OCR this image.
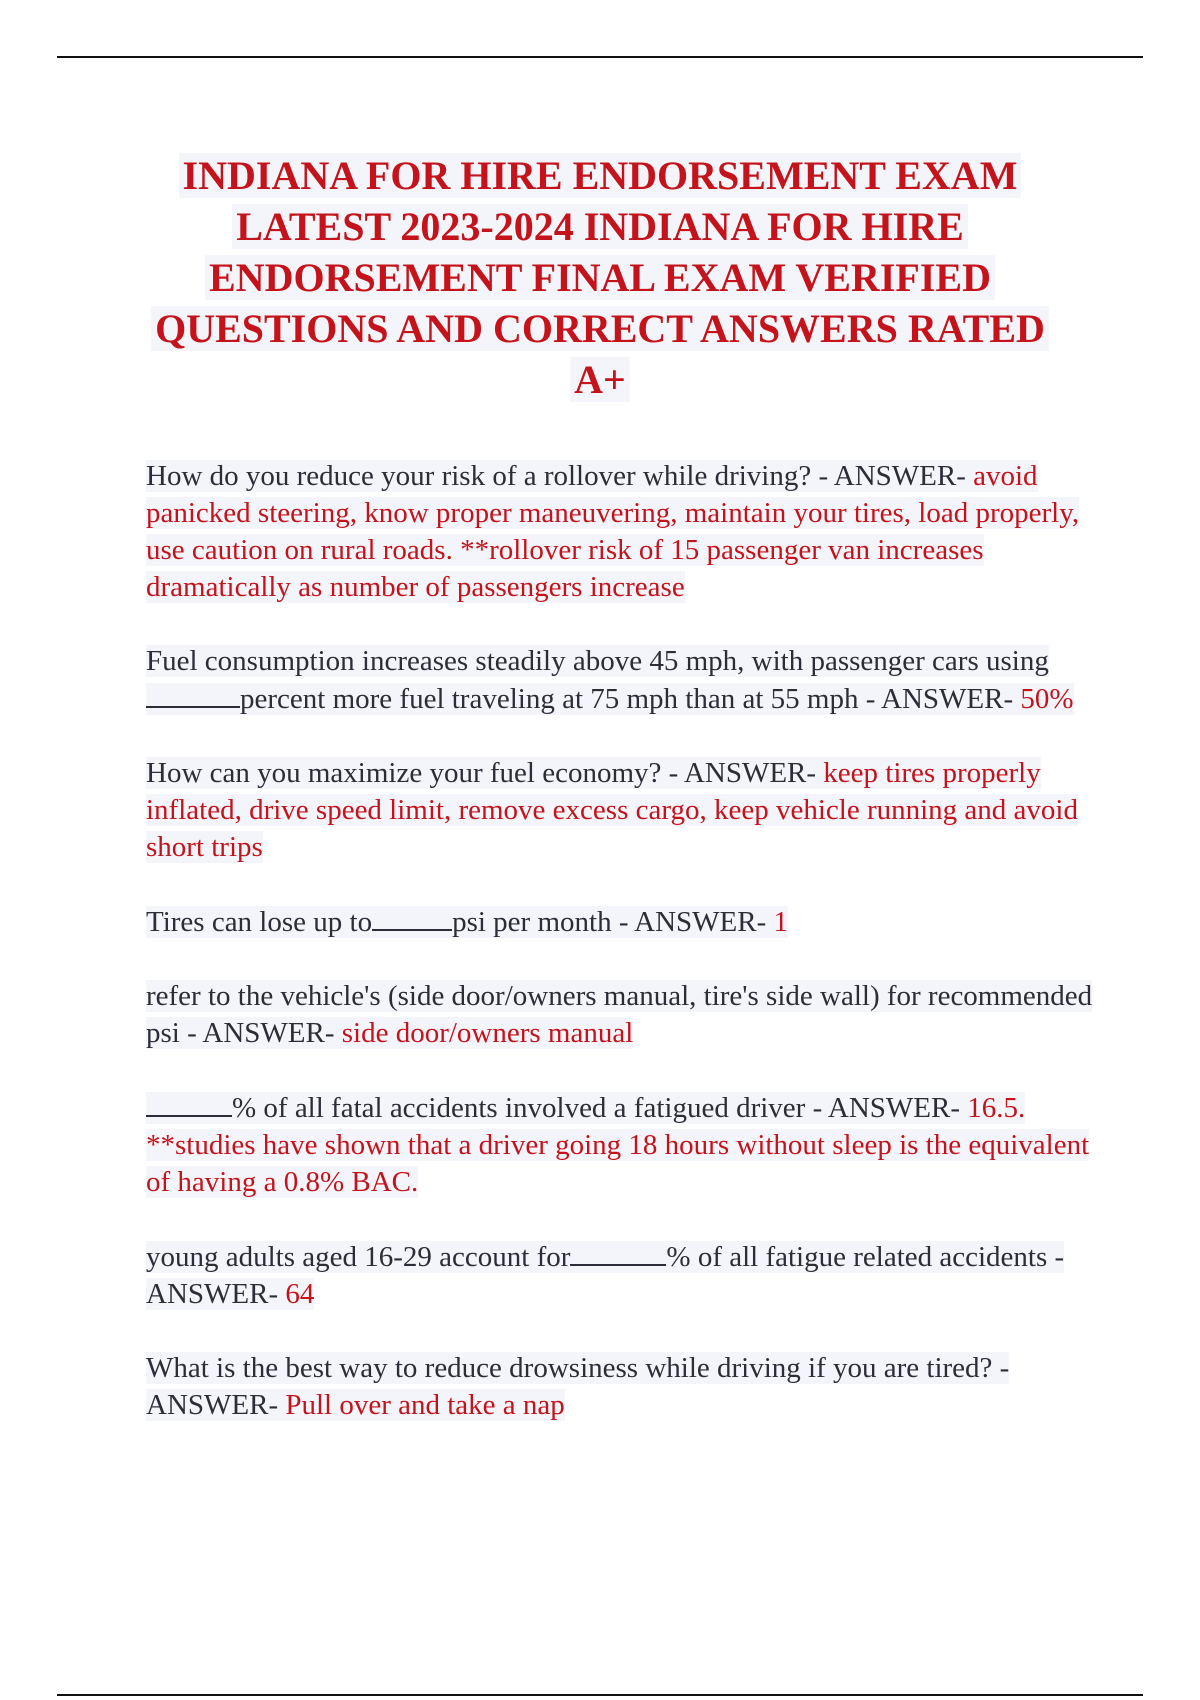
INDIANA FOR HIRE ENDORSEMENT EXAM LATEST 2023-2024 INDIANA FOR HIRE ENDORSEMENT FINAL EXAM VERIFIED QUESTIONS AND CORRECT ANSWERS RATED A+
How do you reduce your risk of a rollover while driving? - ANSWER- avoid panicked steering, know proper maneuvering, maintain your tires, load properly, use caution on rural roads. **rollover risk of 15 passenger van increases dramatically as number of passengers increase
Fuel consumption increases steadily above 45 mph, with passenger cars usingpercent more fuel traveling at 75 mph than at 55 mph - ANSWER- 50%
How can you maximize your fuel economy? - ANSWER- keep tires properly inflated, drive speed limit, remove excess cargo, keep vehicle running and avoid short trips
Tires can lose up to	psi per month - ANSWER- 1
refer to the vehicle's (side door/owners manual, tire's side wall) for recommended psi - ANSWER- side door/owners manual
% of all fatal accidents involved a fatigued driver - ANSWER- 16.5. **studies have shown that a driver going 18 hours without sleep is the equivalent of having a 0.8% BAC.
young adults aged 16-29 account for	% of all fatigue related accidents - ANSWER- 64
What is the best way to reduce drowsiness while driving if you are tired? - ANSWER- Pull over and take a nap
